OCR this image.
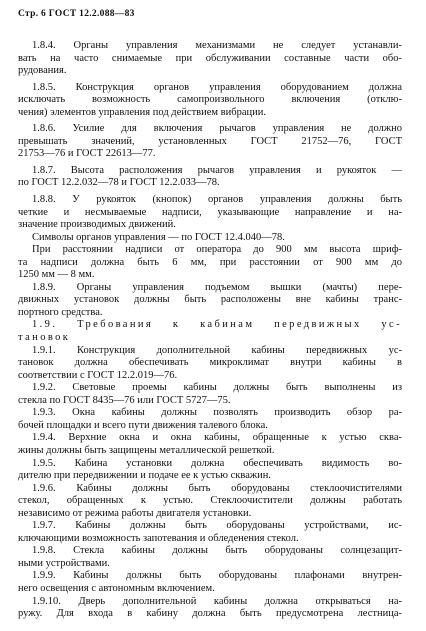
Стр. 6 ГОСТ 12.2.088—83
1.8.4. Органы управления механизмами не следует устанавли-
вать на часто снимаемые при обслуживании составные части обо-
рудования.
1.8.5. Конструкция органов управления оборудованием должна
исключать возможность самопроизвольного включения (отклю-
чения) элементов управления под действием вибрации.
1.8.6. Усилие для включения рычагов управления не должно
превышать значений, установленных ГОСТ 21752—76, ГОСТ
21753—76 и ГОСТ 22613—77.
1.8.7. Высота расположения рычагов управления и рукояток —
по ГОСТ 12.2.032—78 и ГОСТ 12.2.033—78.
1.8.8. У рукояток (кнопок) органов управления должны быть
четкие и несмываемые надписи, указывающие направление и на-
значение производимых движений.
Символы органов управления — по ГОСТ 12.4.040—78.
При расстоянии надписи от оператора до 900 мм высота шриф-
та надписи должна быть 6 мм, при расстоянии от 900 мм до
1250 мм — 8 мм.
1.8.9. Органы управления подъемом вышки (мачты) пере-
движных установок должны быть расположены вне кабины транс-
портного средства.
1.9. Требования к кабинам передвижных ус-
тановок
1.9.1. Конструкция дополнительной кабины передвижных ус-
тановок должна обеспечивать микроклимат внутри кабины в
соответствии с ГОСТ 12.2.019—76.
1.9.2. Световые проемы кабины должны быть выполнены из
стекла по ГОСТ 8435—76 или ГОСТ 5727—75.
1.9.3. Окна кабины должны позволять производить обзор ра-
бочей площадки и всего пути движения талевого блока.
1.9.4. Верхние окна и окна кабины, обращенные к устью сква-
жины должны быть защищены металлической решеткой.
1.9.5. Кабина установки должна обеспечивать видимость во-
дителю при передвижении и подаче ее к устью скважин.
1.9.6. Кабины должны быть оборудованы стеклоочистителями
стекол, обращенных к устью. Стеклоочистители должны работать
независимо от режима работы двигателя установки.
1.9.7. Кабины должны быть оборудованы устройствами, ис-
ключающими возможность запотевания и обледенения стекол.
1.9.8. Стекла кабины должны быть оборудованы солнцезащит-
ными устройствами.
1.9.9. Кабины должны быть оборудованы плафонами внутрен-
него освещения с автономным включением.
1.9.10. Дверь дополнительной кабины должна открываться на-
ружу. Для входа в кабину должна быть предусмотрена лестница-
